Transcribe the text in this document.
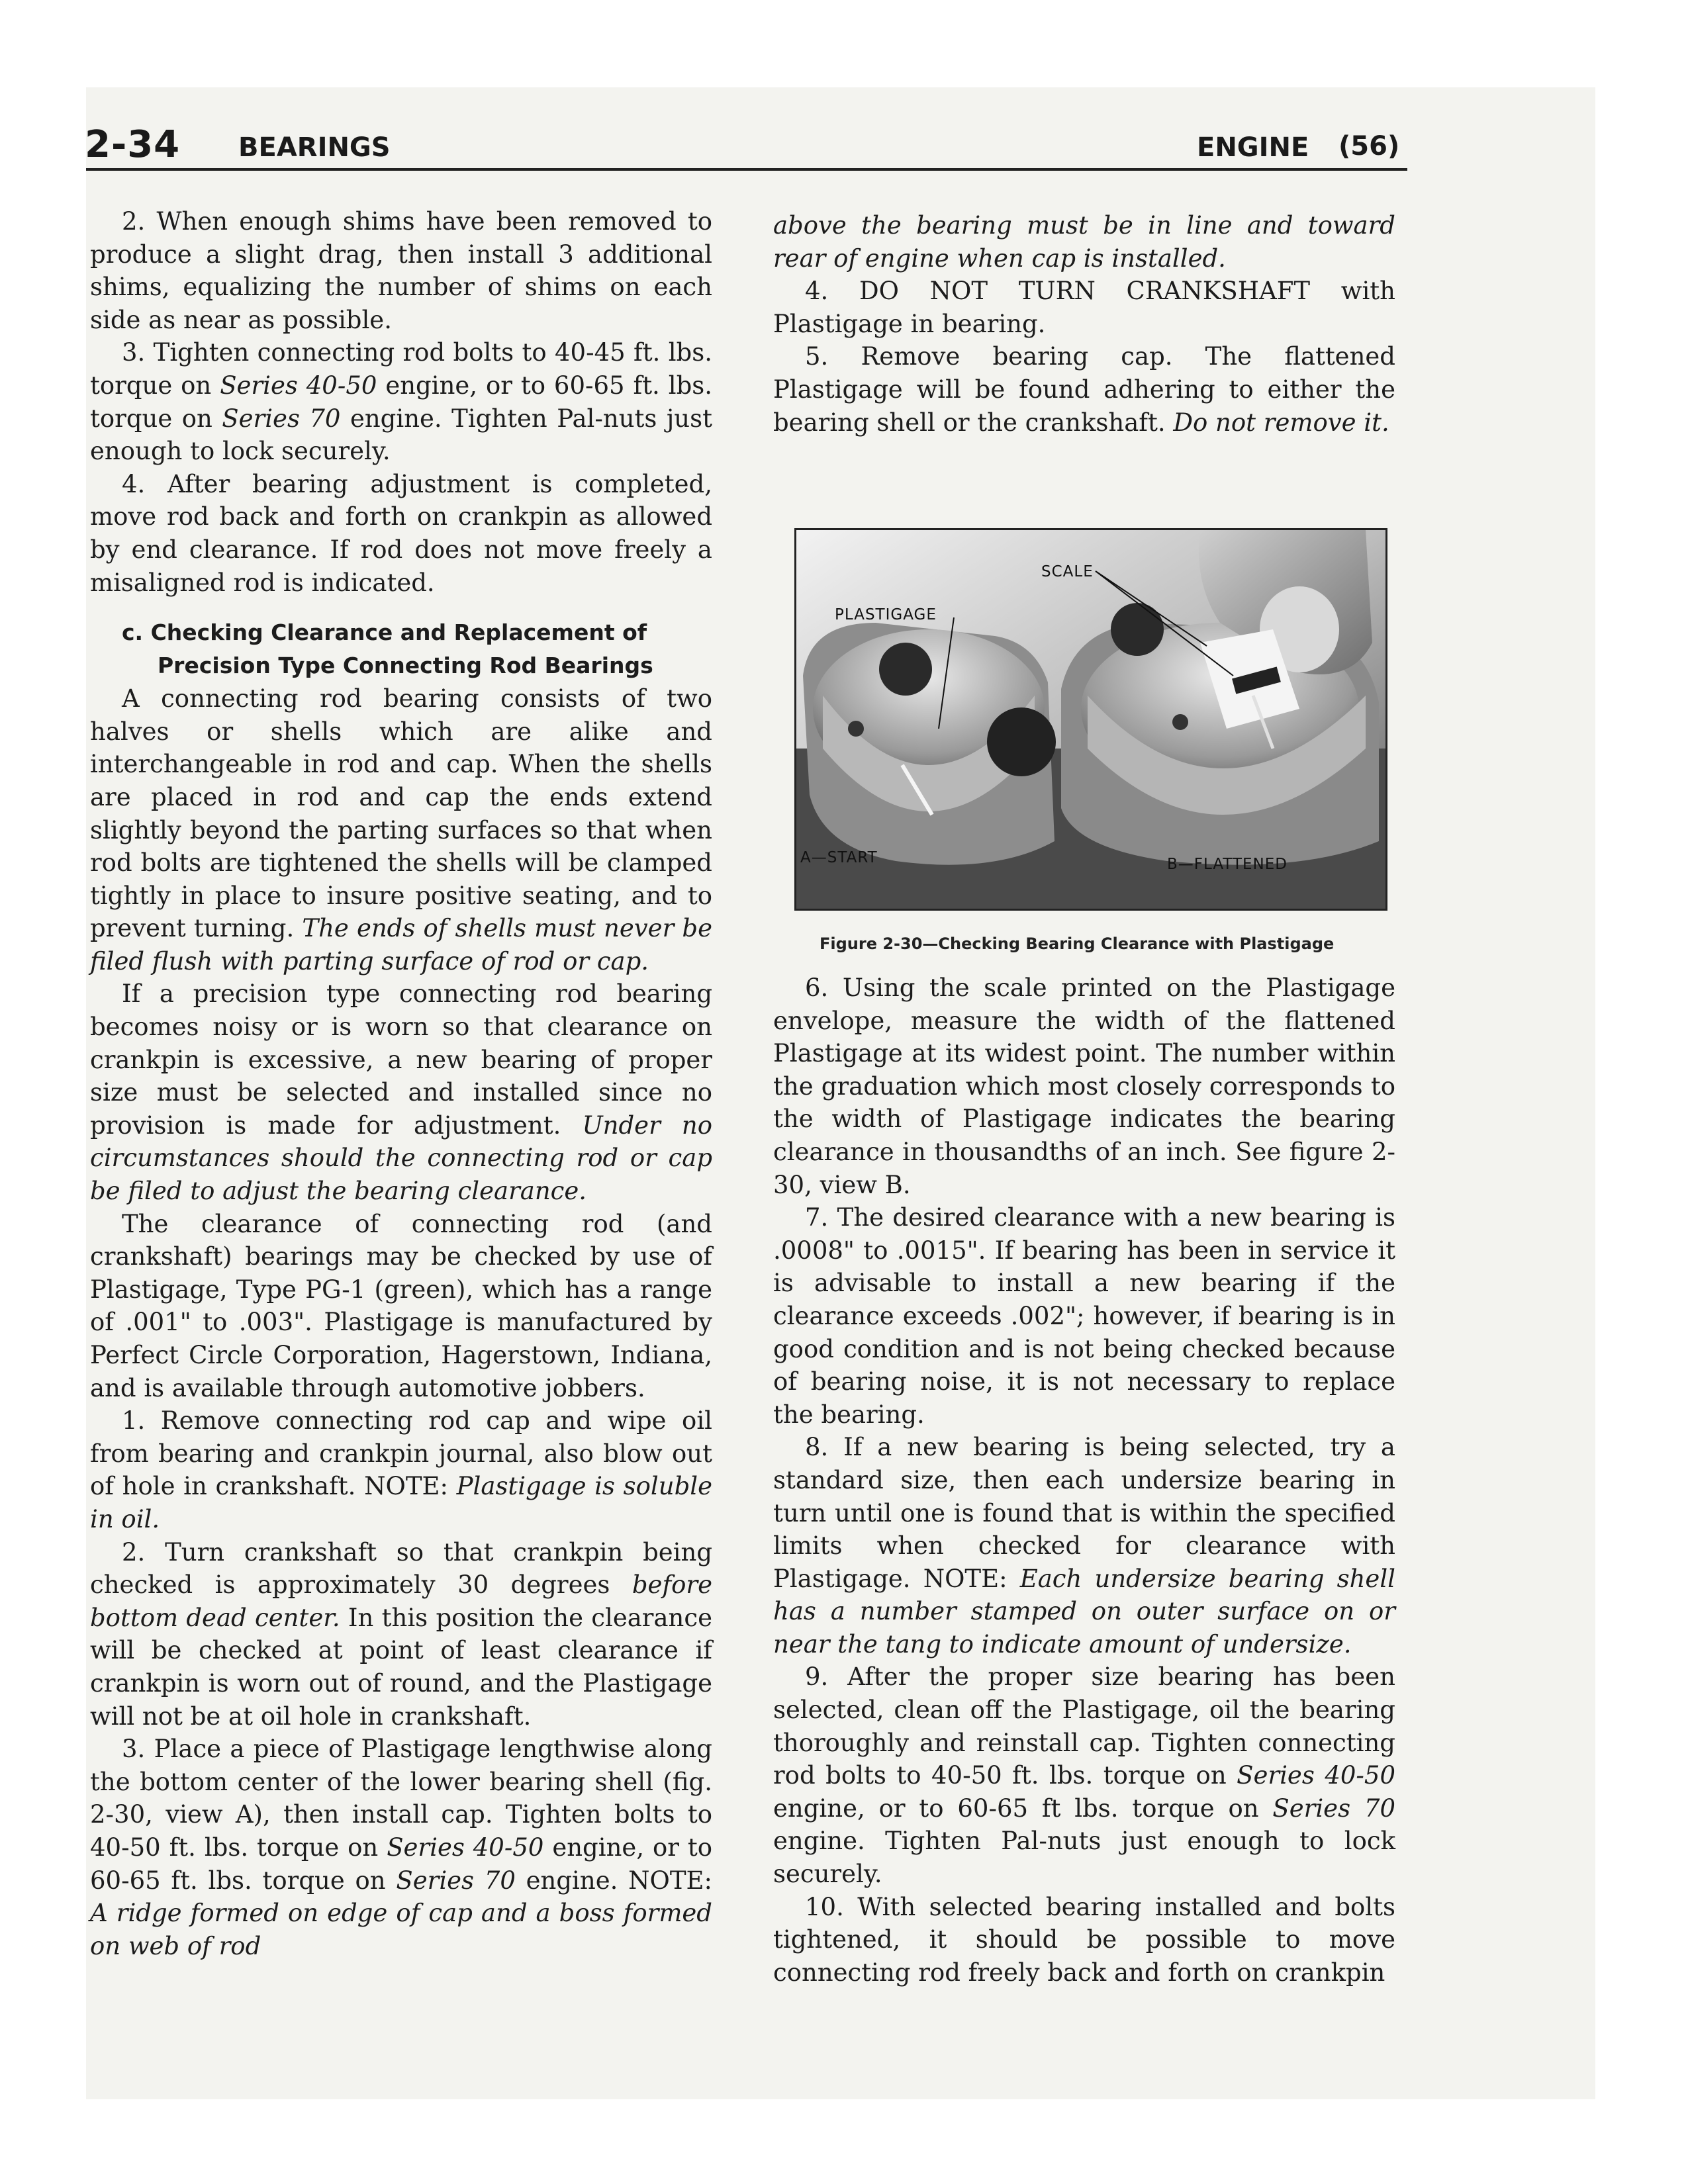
2-34 BEARINGS	ENGINE (56)

2. When enough shims have been removed to produce a slight drag, then install 3 additional shims, equalizing the number of shims on each side as near as possible.

3. Tighten connecting rod bolts to 40-45 ft. lbs. torque on Series 40-50 engine, or to 60-65 ft. lbs. torque on Series 70 engine. Tighten Pal-nuts just enough to lock securely.

4. After bearing adjustment is completed, move rod back and forth on crankpin as allowed by end clearance. If rod does not move freely a misaligned rod is indicated.

c. Checking Clearance and Replacement of
Precision Type Connecting Rod Bearings

A connecting rod bearing consists of two halves or shells which are alike and interchangeable in rod and cap. When the shells are placed in rod and cap the ends extend slightly beyond the parting surfaces so that when rod bolts are tightened the shells will be clamped tightly in place to insure positive seating, and to prevent turning. The ends of shells must never be filed flush with parting surface of rod or cap.

If a precision type connecting rod bearing becomes noisy or is worn so that clearance on crankpin is excessive, a new bearing of proper size must be selected and installed since no provision is made for adjustment. Under no circumstances should the connecting rod or cap be filed to adjust the bearing clearance.

The clearance of connecting rod (and crankshaft) bearings may be checked by use of Plastigage, Type PG-1 (green), which has a range of .001" to .003". Plastigage is manufactured by Perfect Circle Corporation, Hagerstown, Indiana, and is available through automotive jobbers.

1. Remove connecting rod cap and wipe oil from bearing and crankpin journal, also blow out of hole in crankshaft. NOTE: Plastigage is soluble in oil.

2. Turn crankshaft so that crankpin being checked is approximately 30 degrees before bottom dead center. In this position the clearance will be checked at point of least clearance if crankpin is worn out of round, and the Plastigage will not be at oil hole in crankshaft.

3. Place a piece of Plastigage lengthwise along the bottom center of the lower bearing shell (fig. 2-30, view A), then install cap. Tighten bolts to 40-50 ft. lbs. torque on Series 40-50 engine, or to 60-65 ft. lbs. torque on Series 70 engine. NOTE: A ridge formed on edge of cap and a boss formed on web of rod

above the bearing must be in line and toward rear of engine when cap is installed.

4. DO NOT TURN CRANKSHAFT with Plastigage in bearing.

5. Remove bearing cap. The flattened Plastigage will be found adhering to either the bearing shell or the crankshaft. Do not remove it.

SCALE
PLASTIGAGE
A—START	B—FLATTENED
Figure 2-30—Checking Bearing Clearance with Plastigage

6. Using the scale printed on the Plastigage envelope, measure the width of the flattened Plastigage at its widest point. The number within the graduation which most closely corresponds to the width of Plastigage indicates the bearing clearance in thousandths of an inch. See figure 2-30, view B.

7. The desired clearance with a new bearing is .0008" to .0015". If bearing has been in service it is advisable to install a new bearing if the clearance exceeds .002"; however, if bearing is in good condition and is not being checked because of bearing noise, it is not necessary to replace the bearing.

8. If a new bearing is being selected, try a standard size, then each undersize bearing in turn until one is found that is within the specified limits when checked for clearance with Plastigage. NOTE: Each undersize bearing shell has a number stamped on outer surface on or near the tang to indicate amount of undersize.

9. After the proper size bearing has been selected, clean off the Plastigage, oil the bearing thoroughly and reinstall cap. Tighten connecting rod bolts to 40-50 ft. lbs. torque on Series 40-50 engine, or to 60-65 ft lbs. torque on Series 70 engine. Tighten Pal-nuts just enough to lock securely.

10. With selected bearing installed and bolts tightened, it should be possible to move connecting rod freely back and forth on crankpin
